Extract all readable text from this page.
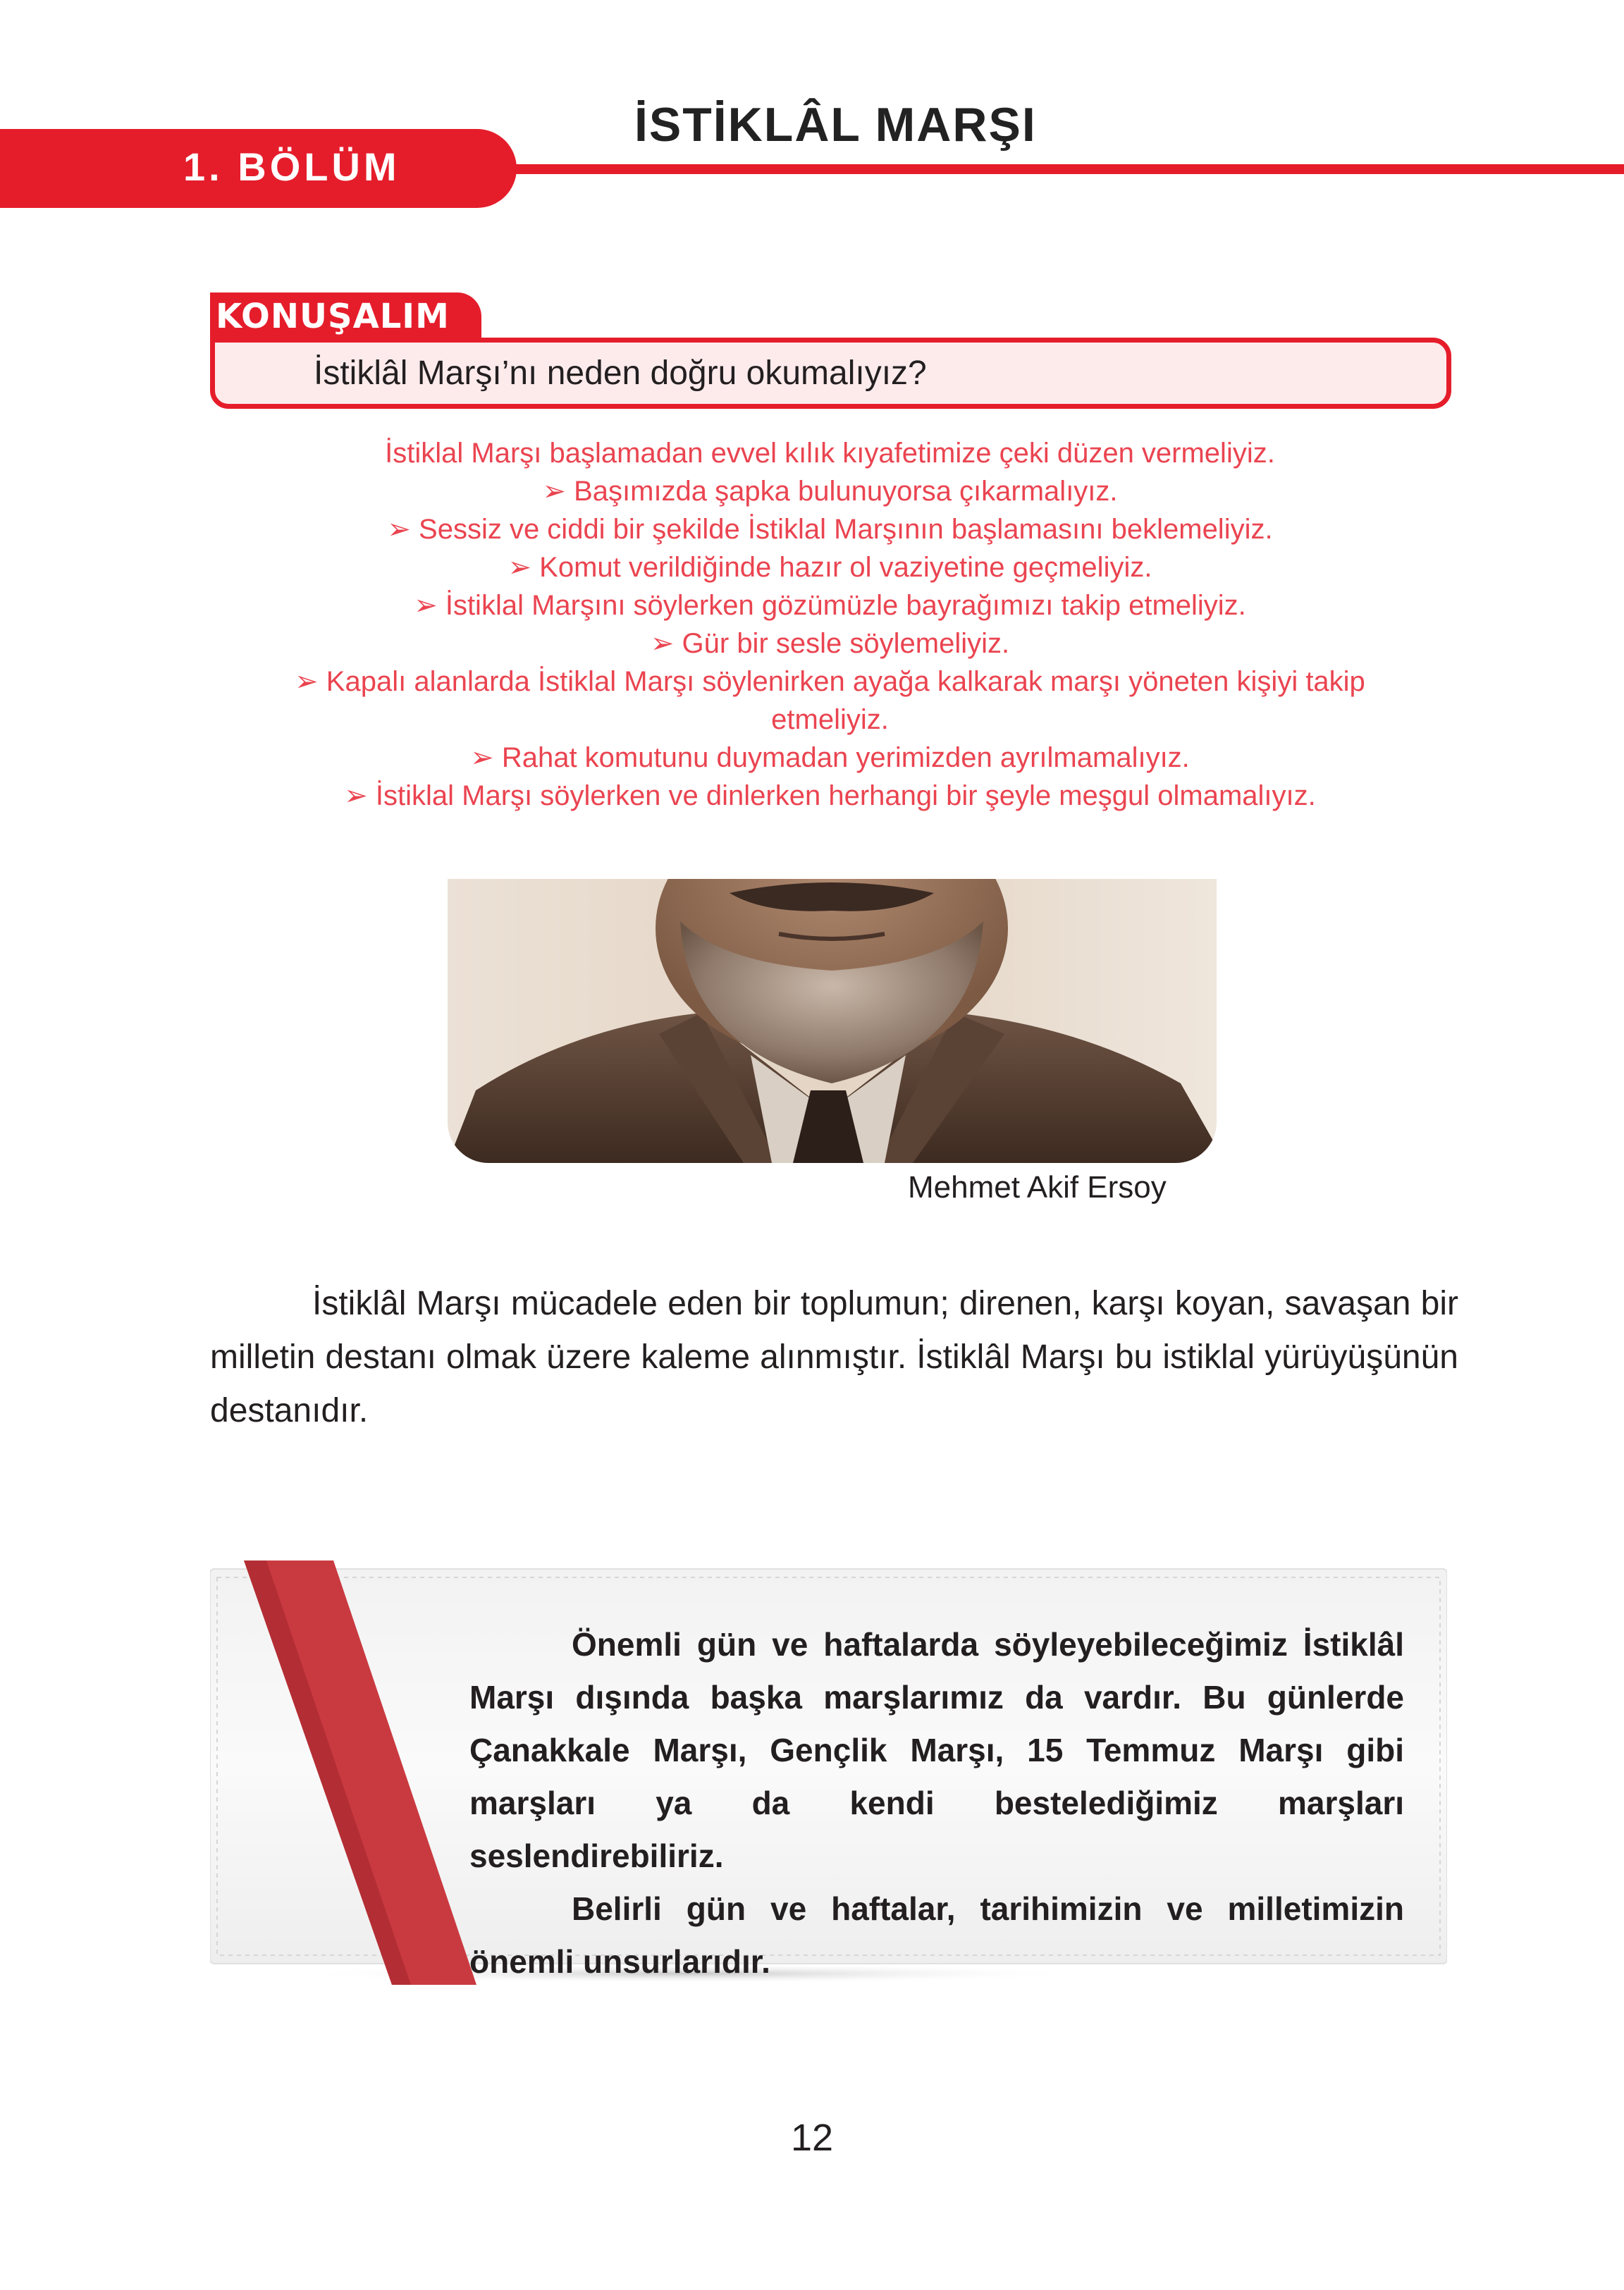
1. BÖLÜM
İSTİKLÂL MARŞI
KONUŞALIM
İstiklâl Marşı’nı neden doğru okumalıyız?
İstiklal Marşı başlamadan evvel kılık kıyafetimize çeki düzen vermeliyiz.
➢ Başımızda şapka bulunuyorsa çıkarmalıyız.
➢ Sessiz ve ciddi bir şekilde İstiklal Marşının başlamasını beklemeliyiz.
➢ Komut verildiğinde hazır ol vaziyetine geçmeliyiz.
➢ İstiklal Marşını söylerken gözümüzle bayrağımızı takip etmeliyiz.
➢ Gür bir sesle söylemeliyiz.
➢ Kapalı alanlarda İstiklal Marşı söylenirken ayağa kalkarak marşı yöneten kişiyi takip
etmeliyiz.
➢ Rahat komutunu duymadan yerimizden ayrılmamalıyız.
➢ İstiklal Marşı söylerken ve dinlerken herhangi bir şeyle meşgul olmamalıyız.
Mehmet Akif Ersoy

İstiklâl Marşı mücadele eden bir toplumun; direnen, karşı koyan, savaşan bir milletin destanı olmak üzere kaleme alınmıştır. İstiklâl Marşı bu istiklal yürüyüşünün destanıdır.

Önemli gün ve haftalarda söyleyebileceğimiz İstiklâl Marşı dışında başka marşlarımız da vardır. Bu günlerde Çanakkale Marşı, Gençlik Marşı, 15 Temmuz Marşı gibi marşları ya da kendi bestelediğimiz marşları seslendirebiliriz.

Belirli gün ve haftalar, tarihimizin ve milletimizin önemli unsurlarıdır.

12
